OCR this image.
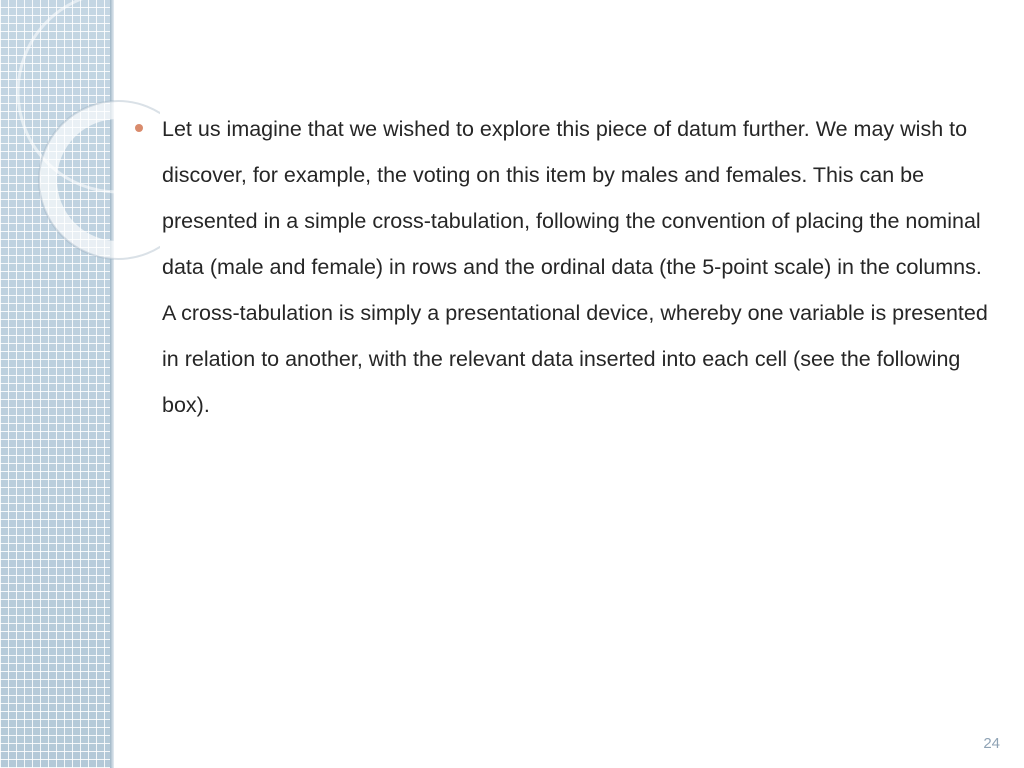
Let us imagine that we wished to explore this piece of datum further. We may wish to discover, for example, the voting on this item by males and females. This can be presented in a simple cross-tabulation, following the convention of placing the nominal data (male and female) in rows and the ordinal data (the 5-point scale) in the columns. A cross-tabulation is simply a presentational device, whereby one variable is presented in relation to another, with the relevant data inserted into each cell (see the following box).
24
